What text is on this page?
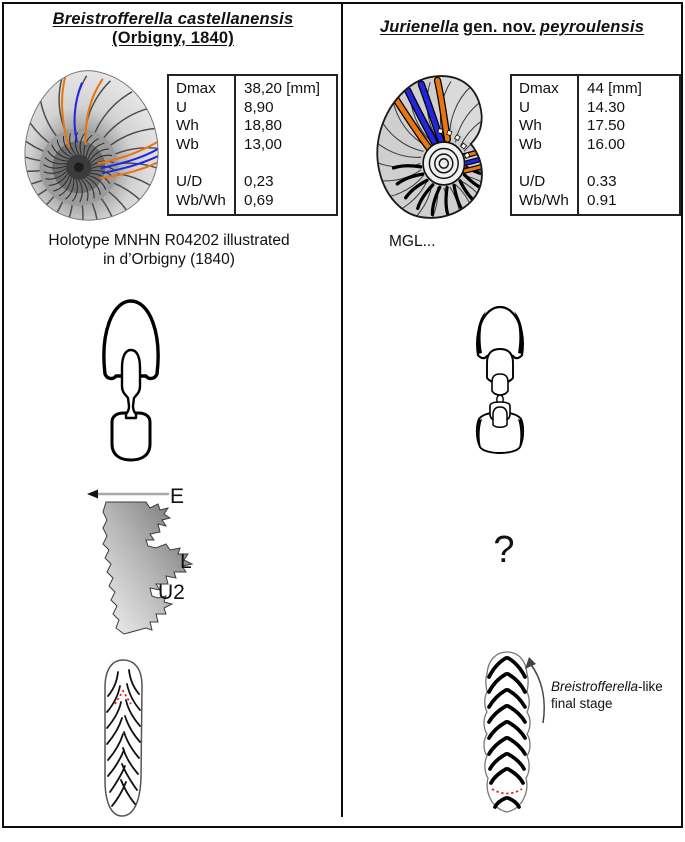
Breistrofferella castellanensis
(Orbigny, 1840)
Dmax
U
Wh
Wb
U/D
Wb/Wh
38,20 [mm]
8,90
18,80
13,00
0,23
0,69
Holotype MNHN R04202 illustrated
in d’Orbigny (1840)
E
L
U2
Jurienella gen. nov. peyroulensis
Dmax
U
Wh
Wb
U/D
Wb/Wh
44 [mm]
14.30
17.50
16.00
0.33
0.91
MGL...
?
Breistrofferella-like
final stage
